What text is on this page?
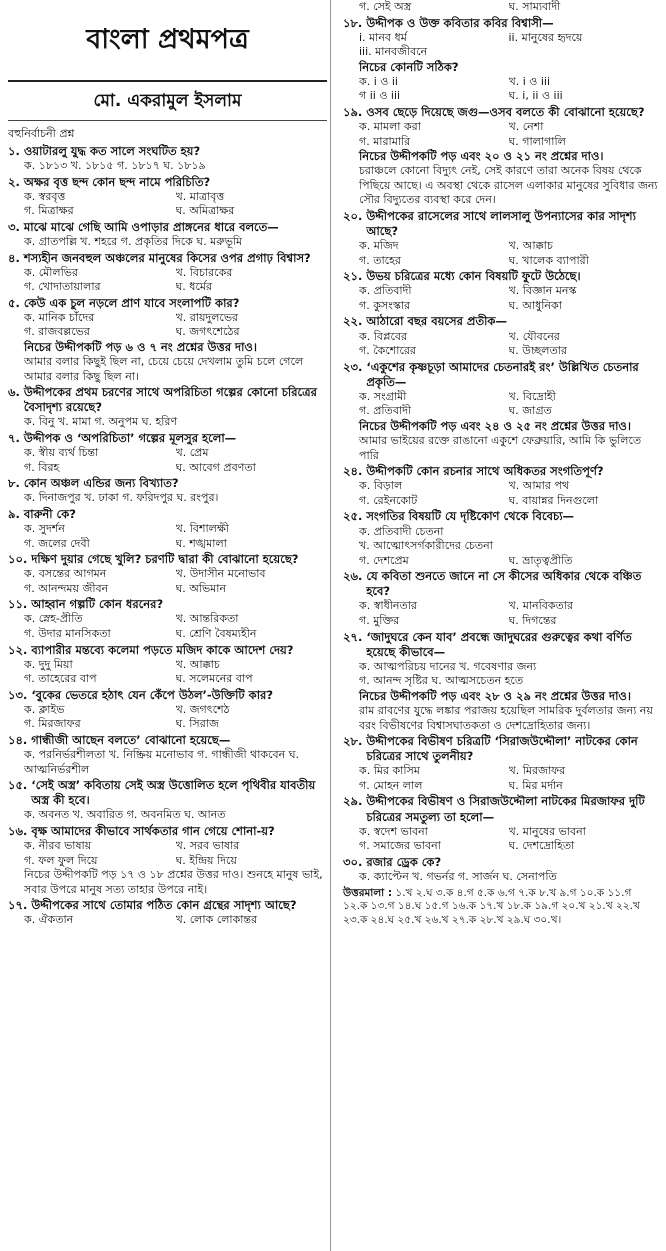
বাংলা প্রথমপত্র
মো. একরামুল ইসলাম
বহুনির্বাচনী প্রশ্ন
১. ওয়াটারলু যুদ্ধ কত সালে সংঘটিত হয়?
ক. ১৮১৩ খ. ১৮১৫ গ. ১৮১৭ ঘ. ১৮১৯
২. অক্ষর বৃত্ত ছন্দ কোন ছন্দ নামে পরিচিতি?
ক. স্বরবৃত্ত	খ. মাত্রাবৃত্ত
গ. মিত্রাক্ষর	ঘ. অমিত্রাক্ষর
৩. মাঝে মাঝে গেছি আমি ওপাড়ার প্রাঙ্গনের ধারে বলতে—
ক. গ্রাতপল্লি খ. শহরে গ. প্রকৃতির দিকে ঘ. মরুভূমি
৪. শস্যহীন জনবহুল অঞ্চলের মানুষের কিসের ওপর প্রগাঢ় বিশ্বাস?
ক. মৌলভির	খ. বিচারকের
গ. খোদাতায়ালার	ঘ. ধর্মের
৫. কেউ এক চুল নড়লে প্রাণ যাবে সংলাপটি কার?
ক. মানিক চাঁদের	খ. রায়দুলভের
গ. রাজবল্লভের	ঘ. জগৎশেঠের
নিচের উদ্দীপকটি পড় ৬ ও ৭ নং প্রশ্নের উত্তর দাও।
আমার বলার কিছুই ছিল না, চেয়ে চেয়ে দেখলাম তুমি চলে গেলে আমার বলার কিছু ছিল না।
৬. উদ্দীপকের প্রথম চরণের সাথে অপরিচিতা গল্পের কোনো চরিত্রের বৈসাদৃশ্য রয়েছে?
ক. বিনু খ. মামা গ. অনুপম ঘ. হরিণ
৭. উদ্দীপক ও ‘অপরিচিতা’ গল্পের মূলসুর হলো—
ক. স্বীয় ব্যর্থ চিন্তা	খ. প্রেম
গ. বিরহ	ঘ. আবেগ প্রবণতা
৮. কোন অঞ্চল এন্ডির জন্য বিখ্যাত?
ক. দিনাজপুর খ. ঢাকা গ. ফরিদপুর ঘ. রংপুর।
৯. বারুনী কে?
ক. সুদর্শন	খ. বিশালক্ষী
গ. জলের দেবী	ঘ. শঙ্খমালা
১০. দক্ষিণ দুয়ার গেছে খুলি? চরণটি দ্বারা কী বোঝানো হয়েছে?
ক. বসন্তের আগমন	খ. উদাসীন মনোভাব
গ. আনন্দময় জীবন	ঘ. অভিমান
১১. আহ্বান গল্পটি কোন ধরনের?
ক. স্নেহ-প্রীতি	খ. আন্তরিকতা
গ. উদার মানসিকতা	ঘ. শ্রেণি বৈষম্যহীন
১২. ব্যাপারীর মন্তব্যে কলেমা পড়তে মজিদ কাকে আদেশ দেয়?
ক. দুদু মিয়া	খ. আক্কাচ
গ. তাহেরের বাপ	ঘ. সলেমনের বাপ
১৩. ‘বুকের ভেতরে হঠাৎ যেন কেঁপে উঠল’-উক্তিটি কার?
ক. ক্লাইভ	খ. জগৎশেঠ
গ. মিরজাফর	ঘ. সিরাজ
১৪. গান্ধীজী আছেন বলতে’ বোঝানো হয়েছে—
ক. পরনির্ভরশীলতা খ. নিষ্ক্রিয় মনোভাব গ. গান্ধীজী থাকবেন ঘ. আত্মনির্ভরশীল
১৫. ‘সেই অস্ত্র’ কবিতায় সেই অস্ত্র উত্তোলিত হলে পৃথিবীর যাবতীয় অস্ত্র কী হবে।
ক. অবনত খ. অবারিত গ. অবনমিত ঘ. আনত
১৬. বৃক্ষ আমাদের কীভাবে সার্থকতার গান গেয়ে শোনা-য়?
ক. নীরব ভাষায়	খ. সরব ভাষার
গ. ফল ফুল দিয়ে	ঘ. ইন্দ্রিয় দিয়ে
নিচের উদ্দীপকটি পড় ১৭ ও ১৮ প্রশ্নের উত্তর দাও। শুনহে মানুষ ভাই, সবার উপরে মানুষ সত্য তাহার উপরে নাই।
১৭. উদ্দীপকের সাথে তোমার পঠিত কোন গ্রন্থের সাদৃশ্য আছে?
ক. ঐকতান	খ. লোক লোকান্তর
গ. সেই অস্ত্র	ঘ. সাম্যবাদী
১৮. উদ্দীপক ও উক্ত কবিতার কবির বিশ্বাসী—
i. মানব ধর্ম	ii. মানুষের হৃদয়ে
iii. মানবজীবনে
নিচের কোনটি সঠিক?
ক. i ও ii	খ. i ও iii
গ ii ও iii	ঘ. i, ii ও iii
১৯. ওসব ছেড়ে দিয়েছে জগু—ওসব বলতে কী বোঝানো হয়েছে?
ক. মামলা করা	খ. নেশা
গ. মারামারি	ঘ. গালাগালি
নিচের উদ্দীপকটি পড় এবং ২০ ও ২১ নং প্রশ্নের দাও।
চরাঞ্চলে কোনো বিদ্যুৎ নেই, সেই কারণে তারা অনেক বিষয় থেকে পিছিয়ে আছে। এ অবস্থা থেকে রাসেল এলাকার মানুষের সুবিধার জন্য সৌর বিদ্যুতের ব্যবস্থা করে দেন।
২০. উদ্দীপকের রাসেলের সাথে লালসালু উপন্যাসের কার সাদৃশ্য আছে?
ক. মজিদ	খ. আক্কাচ
গ. তাহের	ঘ. খালেক ব্যাপারী
২১. উভয় চরিত্রের মধ্যে কোন বিষয়টি ফুটে উঠেছে।
ক. প্রতিবাদী	খ. বিজ্ঞান মনস্ক
গ. কুসংস্কার	ঘ. আধুনিকা
২২. আঠারো বছর বয়সের প্রতীক—
ক. বিপ্লবের	খ. যৌবনের
গ. কৈশোরের	ঘ. উচ্ছলতার
২৩. ‘একুশের কৃষ্ণচূড়া আমাদের চেতনারই রং’ উল্লিখিত চেতনার প্রকৃতি—
ক. সংগ্রামী	খ. বিদ্রোহী
গ. প্রতিবাদী	ঘ. জাগ্রত
নিচের উদ্দীপকটি পড় এবং ২৪ ও ২৫ নং প্রশ্নের উত্তর দাও।
আমার ভাইয়ের রক্তে রাঙানো একুশে ফেব্রুয়ারি, আমি কি ভুলিতে পারি
২৪. উদ্দীপকটি কোন রচনার সাথে অধিকতর সংগতিপূর্ণ?
ক. বিড়াল	খ. আমার পথ
গ. রেইনকোট	ঘ. বায়ান্নর দিনগুলো
২৫. সংগতির বিষয়টি যে দৃষ্টিকোণ থেকে বিবেচ্য—
ক. প্রতিবাদী চেতনা
খ. আত্মোৎসর্গকারীদের চেতনা
গ. দেশপ্রেম	ঘ. ভ্রাতৃত্বপ্রীতি
২৬. যে কবিতা শুনতে জানে না সে কীসের অধিকার থেকে বঞ্চিত হবে?
ক. স্বাধীনতার	খ. মানবিকতার
গ. মুক্তির	ঘ. দিগন্তের
২৭. ‘জাদুঘরে কেন যাব’ প্রবন্ধে জাদুঘরের গুরুত্বের কথা বর্ণিত হয়েছে কীভাবে—
ক. আত্মপরিচয় দানের খ. গবেষণার জন্য
গ. আনন্দ সৃষ্টির ঘ. আত্মসচেতন হতে
নিচের উদ্দীপকটি পড় এবং ২৮ ও ২৯ নং প্রশ্নের উত্তর দাও।
রাম রাবণের যুদ্ধে লঙ্কার পরাজয় হয়েছিল সামরিক দুর্বলতার জন্য নয় বরং বিভীষণের বিশ্বাসঘাতকতা ও দেশদ্রোহিতার জন্য।
২৮. উদ্দীপকের বিভীষণ চরিত্রটি ‘সিরাজউদ্দৌলা’ নাটকের কোন চরিত্রের সাথে তুলনীয়?
ক. মির কাসিম	খ. মিরজাফর
গ. মোহন লাল	ঘ. মির মর্দান
২৯. উদ্দীপকের বিভীষণ ও সিরাজউদ্দৌলা নাটকের মিরজাফর দুটি চরিত্রের সমতুল্য তা হলো—
ক. স্বদেশ ভাবনা	খ. মানুষের ভাবনা
গ. সমাজের ভাবনা	ঘ. দেশদ্রোহিতা
৩০. রজার ড্রেক কে?
ক. ক্যাপ্টেন খ. গভর্নর গ. সার্জন ঘ. সেনাপতি
উত্তরমালা : ১.খ ২.ঘ ৩.ক ৪.গ ৫.ক ৬.গ ৭.ক ৮.খ ৯.গ ১০.ক ১১.গ ১২.ক ১৩.গ ১৪.ঘ ১৫.গ ১৬.ক ১৭.খ ১৮.ক ১৯.গ ২০.খ ২১.খ ২২.খ ২৩.ক ২৪.ঘ ২৫.খ ২৬.খ ২৭.ক ২৮.খ ২৯.ঘ ৩০.খ।
